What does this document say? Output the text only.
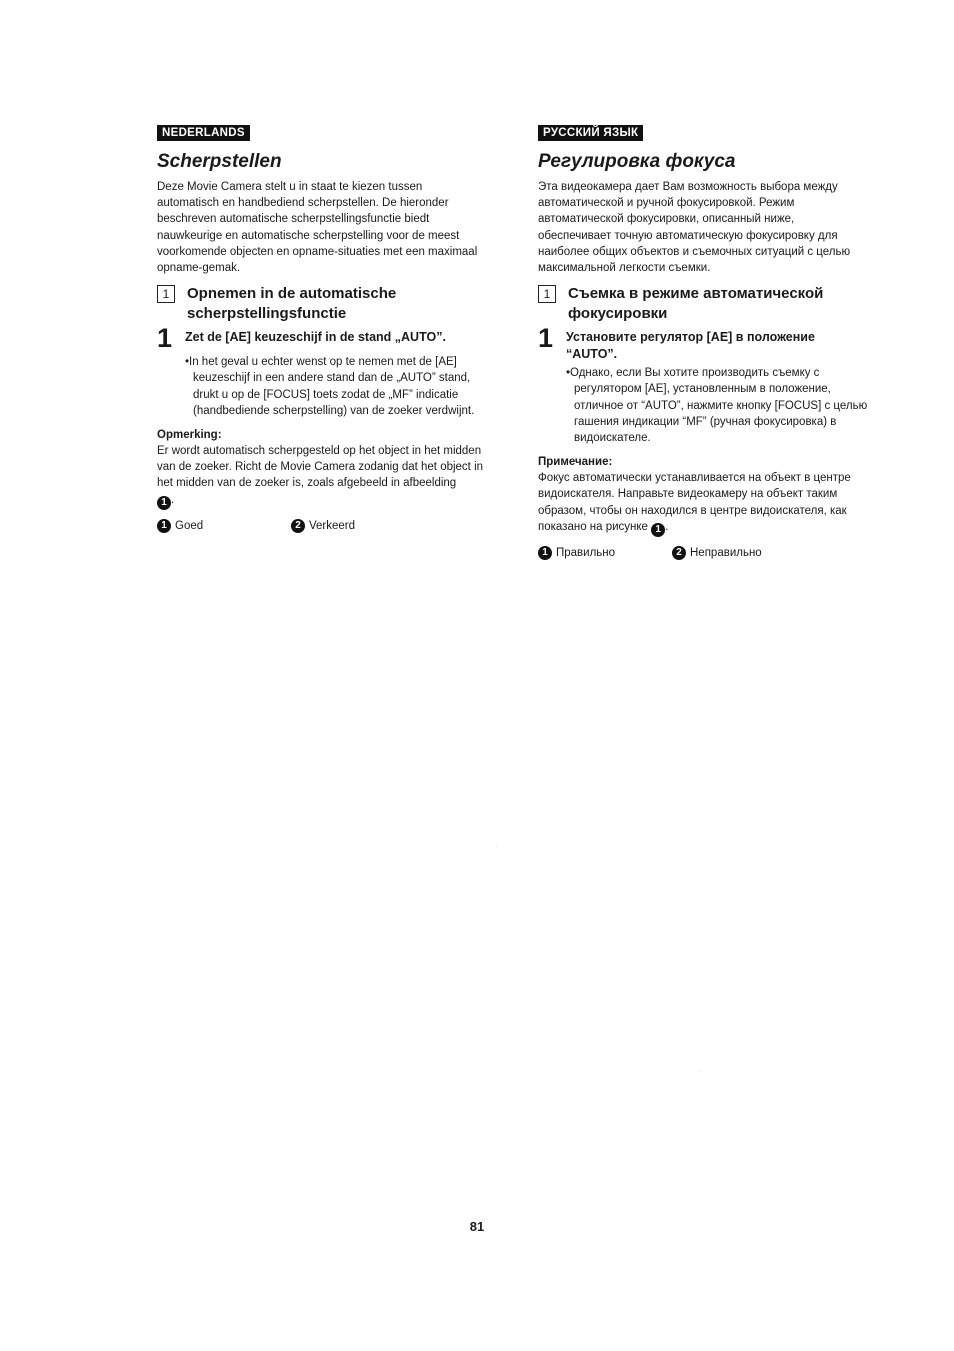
NEDERLANDS
Scherpstellen

Deze Movie Camera stelt u in staat te kiezen tussen automatisch en handbediend scherpstellen. De hieronder beschreven automatische scherpstellingsfunctie biedt nauwkeurige en automatische scherpstelling voor de meest voorkomende objecten en opname-situaties met een maximaal opname-gemak.

1	Opnemen in de automatische scherpstellingsfunctie
1	Zet de [AE] keuzeschijf in de stand „AUTO”.

•In het geval u echter wenst op te nemen met de [AE] keuzeschijf in een andere stand dan de „AUTO” stand, drukt u op de [FOCUS] toets zodat de „MF” indicatie (handbediende scherpstelling) van de zoeker verdwijnt.

Opmerking:

Er wordt automatisch scherpgesteld op het object in het midden van de zoeker. Richt de Movie Camera zodanig dat het object in het midden van de zoeker is, zoals afgebeeld in afbeelding
1 .

1 Goed	2 Verkeerd
РУССКИЙ ЯЗЫК
Регулировка фокуса

Эта видеокамера дает Вам возможность выбора между автоматической и ручной фокусировкой. Режим автоматической фокусировки, описанный ниже, обеспечивает точную автоматическую фокусировку для наиболее общих объектов и съемочных ситуаций с целью максимальной легкости съемки.

1	Съемка в режиме автоматической фокусировки
1	Установите регулятор [AE] в положение “AUTO”.

•Однако, если Вы хотите производить съемку с регулятором [AE], установленным в положение, отличное от “AUTO”, нажмите кнопку [FOCUS] с целью гашения индикации “MF” (ручная фокусировка) в видоискателе.

Примечание:

Фокус автоматически устанавливается на объект в центре видоискателя. Направьте видеокамеру на объект таким образом, чтобы он находился в центре видоискателя, как показано на рисунке 1 .

1 Правильно	2 Неправильно
81
